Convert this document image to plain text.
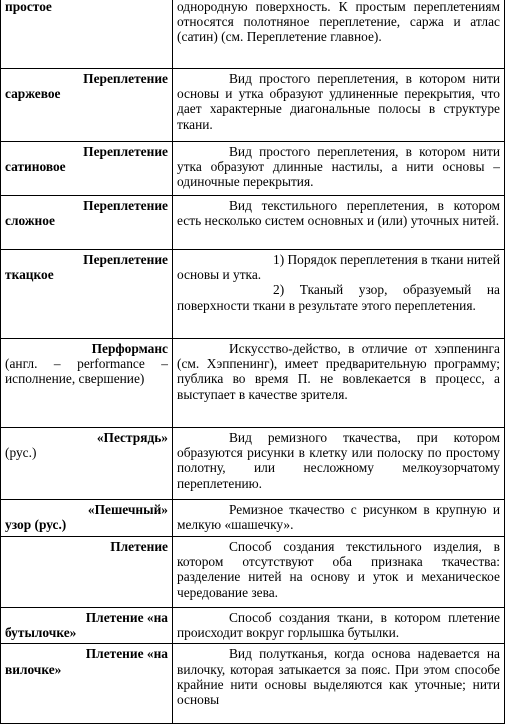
простое	однородную поверхность. К простым переплетениям относятся полотняное переплетение, саржа и атлас (сатин) (см. Переплетение главное).

Переплетение
саржевое	Вид простого переплетения, в котором нити основы и утка образуют удлиненные перекрытия, что дает характерные диагональные полосы в структуре ткани.

Переплетение
сатиновое	Вид простого переплетения, в котором нити утка образуют длинные настилы, а нити основы – одиночные перекрытия.

Переплетение
сложное	Вид текстильного переплетения, в котором есть несколько систем основных и (или) уточных нитей.

Переплетение
ткацкое	1) Порядок переплетения в ткани нитей основы и утка.
2) Тканый узор, образуемый на поверхности ткани в результате этого переплетения.

Перформанс
(англ. – performance – исполнение, свершение)	Искусство-действо, в отличие от хэппенинга (см. Хэппенинг), имеет предварительную программу; публика во время П. не вовлекается в процесс, а выступает в качестве зрителя.

«Пестрядь»
(рус.)	Вид ремизного ткачества, при котором образуются рисунки в клетку или полоску по простому полотну, или несложному мелкоузорчатому переплетению.

«Пешечный»
узор (рус.)	Ремизное ткачество с рисунком в крупную и мелкую «шашечку».

Плетение	Способ создания текстильного изделия, в котором отсутствуют оба признака ткачества: разделение нитей на основу и уток и механическое чередование зева.

Плетение «на
бутылочке»	Способ создания ткани, в котором плетение происходит вокруг горлышка бутылки.

Плетение «на
вилочке»	Вид полутканья, когда основа надевается на вилочку, которая затыкается за пояс. При этом способе крайние нити основы выделяются как уточные; нити основы
